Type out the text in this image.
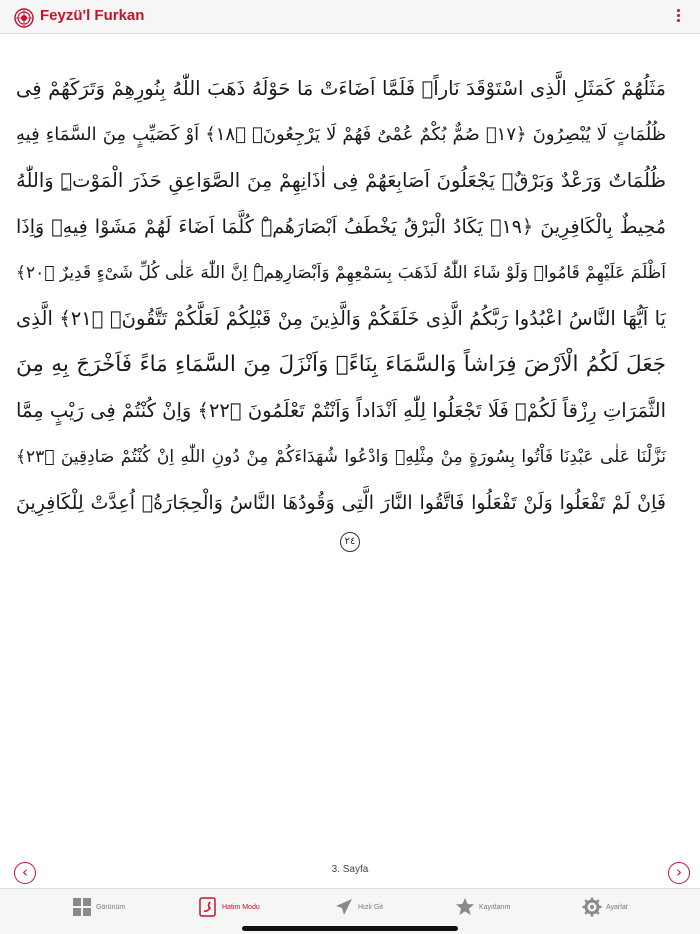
Feyzü'l Furkan
مَثَلُهُمْ كَمَثَلِ الَّذِى اسْتَوْقَدَ نَاراًۚ فَلَمَّا اَضَاءَتْ مَا حَوْلَهُ ذَهَبَ اللّٰهُ بِنُورِهِمْ وَتَرَكَهُمْ فِى
ظُلُمَاتٍ لَا يُبْصِرُونَ ﴿١٧﴾ صُمٌّ بُكْمٌ عُمْىٌ فَهُمْ لَا يَرْجِعُونَۙ ﴿١٨﴾ اَوْ كَصَيِّبٍ مِنَ السَّمَاءِ فِيهِ
ظُلُمَاتٌ وَرَعْدٌ وَبَرْقٌۚ يَجْعَلُونَ اَصَابِعَهُمْ فِى اٰذَانِهِمْ مِنَ الصَّوَاعِقِ حَذَرَ الْمَوْتِۜ وَاللّٰهُ
مُحِيطٌ بِالْكَافِرِينَ ﴿١٩﴾ يَكَادُ الْبَرْقُ يَخْطَفُ اَبْصَارَهُمْۜ كُلَّمَا اَضَاءَ لَهُمْ مَشَوْا فِيهِۙ وَاِذَا
اَظْلَمَ عَلَيْهِمْ قَامُواۜ وَلَوْ شَاءَ اللّٰهُ لَذَهَبَ بِسَمْعِهِمْ وَاَبْصَارِهِمْۜ اِنَّ اللّٰهَ عَلٰى كُلِّ شَىْءٍ قَدِيرٌ ﴿٢٠﴾
يَا اَيُّهَا النَّاسُ اعْبُدُوا رَبَّكُمُ الَّذِى خَلَقَكُمْ وَالَّذِينَ مِنْ قَبْلِكُمْ لَعَلَّكُمْ تَتَّقُونَۙ ﴿٢١﴾ الَّذِى
جَعَلَ لَكُمُ الْاَرْضَ فِرَاشاً وَالسَّمَاءَ بِنَاءًۖ وَاَنْزَلَ مِنَ السَّمَاءِ مَاءً فَاَخْرَجَ بِهِ مِنَ
الثَّمَرَاتِ رِزْقاً لَكُمْۚ فَلَا تَجْعَلُوا لِلّٰهِ اَنْدَاداً وَاَنْتُمْ تَعْلَمُونَ ﴿٢٢﴾ وَاِنْ كُنْتُمْ فِى رَيْبٍ مِمَّا
نَزَّلْنَا عَلٰى عَبْدِنَا فَاْتُوا بِسُورَةٍ مِنْ مِثْلِهِۖ وَادْعُوا شُهَدَاءَكُمْ مِنْ دُونِ اللّٰهِ اِنْ كُنْتُمْ صَادِقِينَ ﴿٢٣﴾
فَاِنْ لَمْ تَفْعَلُوا وَلَنْ تَفْعَلُوا فَاتَّقُوا النَّارَ الَّتِى وَقُودُهَا النَّاسُ وَالْحِجَارَةُۚ اُعِدَّتْ لِلْكَافِرِينَ
٢٤
‹	3. Sayfa	›
Görünüm	Hatim Modu	Hızlı Git	Kayıtlarım	Ayarlar
